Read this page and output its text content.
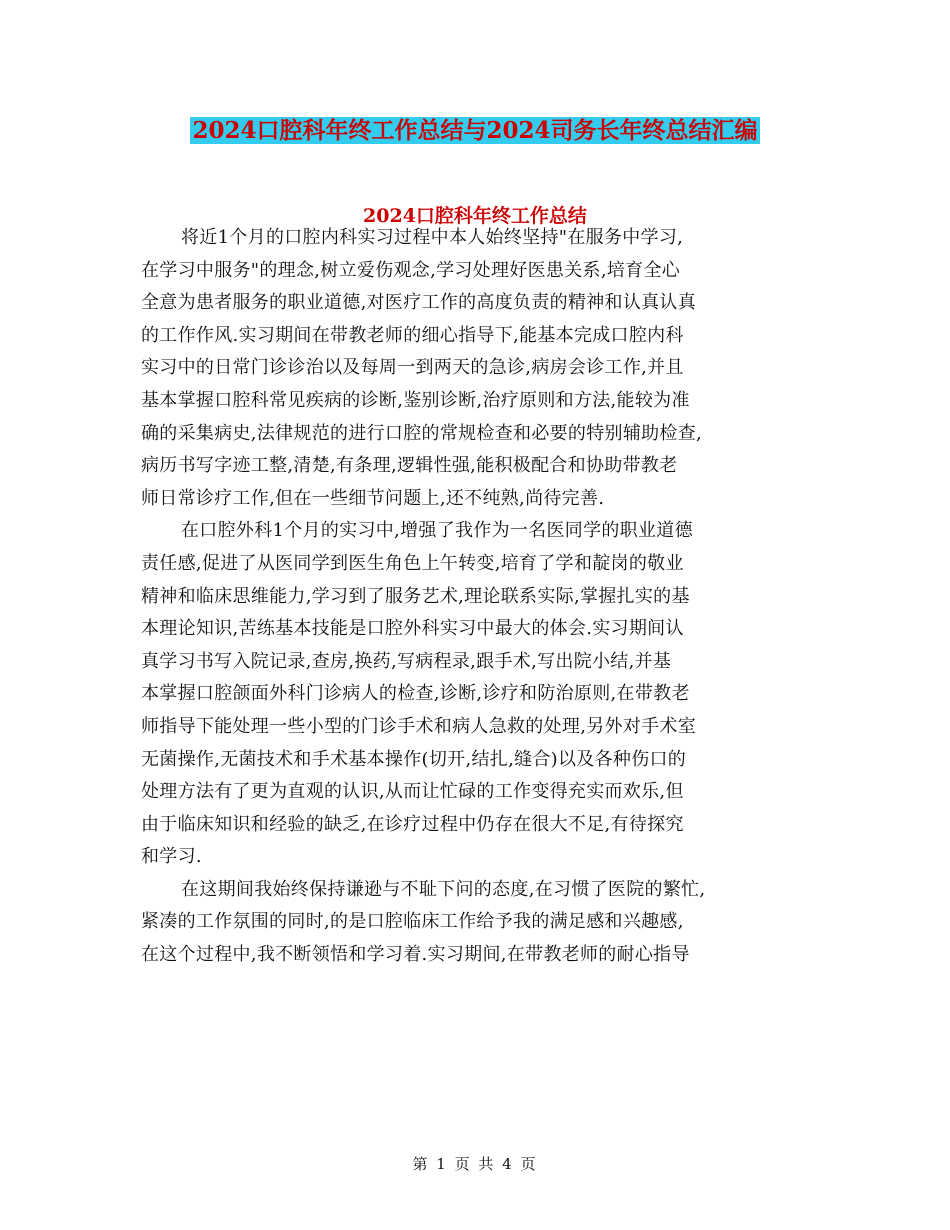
2024口腔科年终工作总结与2024司务长年终总结汇编
2024口腔科年终工作总结

将近1个月的口腔内科实习过程中本人始终坚持"在服务中学习,
在学习中服务"的理念,树立爱伤观念,学习处理好医患关系,培育全心
全意为患者服务的职业道德,对医疗工作的高度负责的精神和认真认真
的工作作风.实习期间在带教老师的细心指导下,能基本完成口腔内科
实习中的日常门诊诊治以及每周一到两天的急诊,病房会诊工作,并且
基本掌握口腔科常见疾病的诊断,鉴别诊断,治疗原则和方法,能较为准
确的采集病史,法律规范的进行口腔的常规检查和必要的特别辅助检查,
病历书写字迹工整,清楚,有条理,逻辑性强,能积极配合和协助带教老
师日常诊疗工作,但在一些细节问题上,还不纯熟,尚待完善.

在口腔外科1个月的实习中,增强了我作为一名医同学的职业道德
责任感,促进了从医同学到医生角色上午转变,培育了学和靛岗的敬业
精神和临床思维能力,学习到了服务艺术,理论联系实际,掌握扎实的基
本理论知识,苦练基本技能是口腔外科实习中最大的体会.实习期间认
真学习书写入院记录,查房,换药,写病程录,跟手术,写出院小结,并基
本掌握口腔颌面外科门诊病人的检查,诊断,诊疗和防治原则,在带教老
师指导下能处理一些小型的门诊手术和病人急救的处理,另外对手术室
无菌操作,无菌技术和手术基本操作(切开,结扎,缝合)以及各种伤口的
处理方法有了更为直观的认识,从而让忙碌的工作变得充实而欢乐,但
由于临床知识和经验的缺乏,在诊疗过程中仍存在很大不足,有待探究
和学习.

在这期间我始终保持谦逊与不耻下问的态度,在习惯了医院的繁忙,
紧凑的工作氛围的同时,的是口腔临床工作给予我的满足感和兴趣感,
在这个过程中,我不断领悟和学习着.实习期间,在带教老师的耐心指导

第 1 页 共 4 页
